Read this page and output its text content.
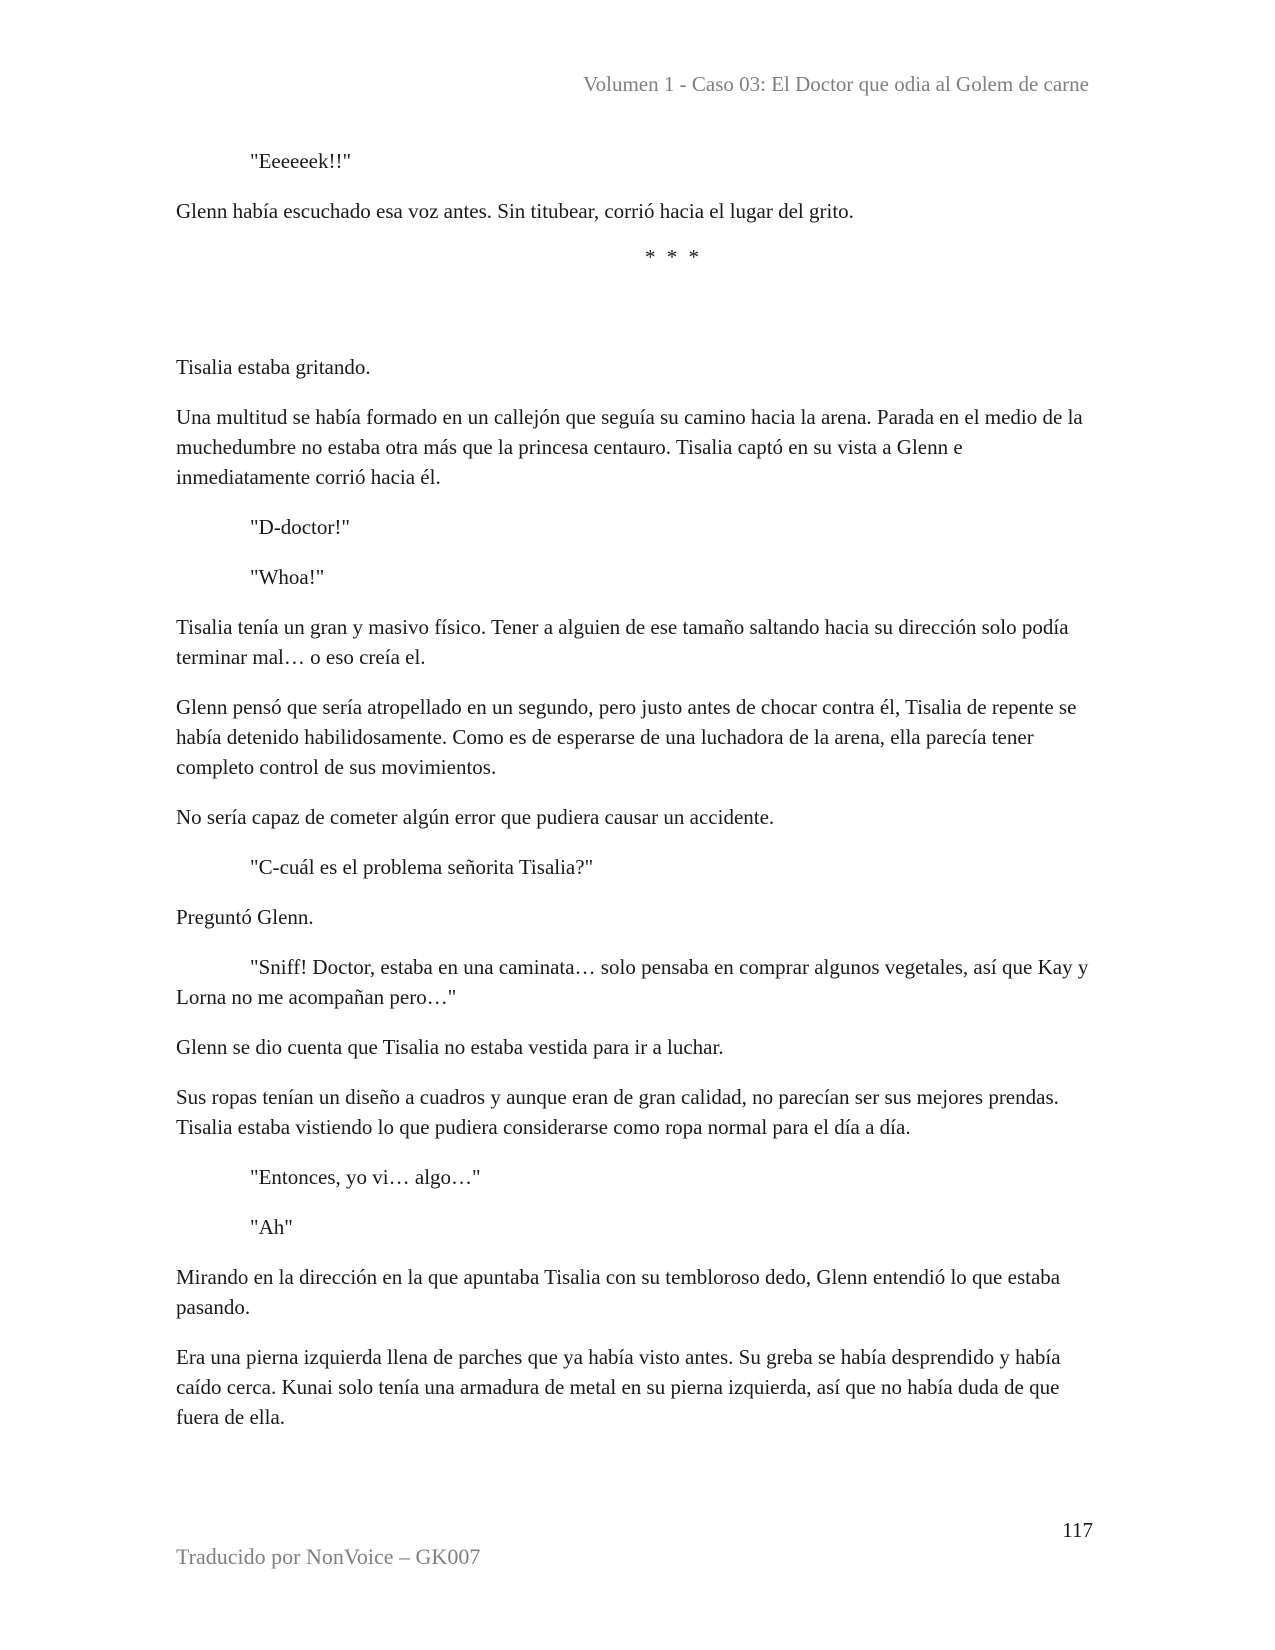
Volumen 1 - Caso 03: El Doctor que odia al Golem de carne

"Eeeeeek!!"

Glenn había escuchado esa voz antes. Sin titubear, corrió hacia el lugar del grito.

* * *

Tisalia estaba gritando.

Una multitud se había formado en un callejón que seguía su camino hacia la arena. Parada en el medio de la muchedumbre no estaba otra más que la princesa centauro. Tisalia captó en su vista a Glenn e inmediatamente corrió hacia él.

"D-doctor!"

"Whoa!"

Tisalia tenía un gran y masivo físico. Tener a alguien de ese tamaño saltando hacia su dirección solo podía terminar mal… o eso creía el.

Glenn pensó que sería atropellado en un segundo, pero justo antes de chocar contra él, Tisalia de repente se había detenido habilidosamente. Como es de esperarse de una luchadora de la arena, ella parecía tener completo control de sus movimientos.

No sería capaz de cometer algún error que pudiera causar un accidente.

"C-cuál es el problema señorita Tisalia?"

Preguntó Glenn.

"Sniff! Doctor, estaba en una caminata… solo pensaba en comprar algunos vegetales, así que Kay y Lorna no me acompañan pero…"

Glenn se dio cuenta que Tisalia no estaba vestida para ir a luchar.

Sus ropas tenían un diseño a cuadros y aunque eran de gran calidad, no parecían ser sus mejores prendas. Tisalia estaba vistiendo lo que pudiera considerarse como ropa normal para el día a día.

"Entonces, yo vi… algo…"

"Ah"

Mirando en la dirección en la que apuntaba Tisalia con su tembloroso dedo, Glenn entendió lo que estaba pasando.

Era una pierna izquierda llena de parches que ya había visto antes. Su greba se había desprendido y había caído cerca. Kunai solo tenía una armadura de metal en su pierna izquierda, así que no había duda de que fuera de ella.

117
Traducido por NonVoice – GK007
